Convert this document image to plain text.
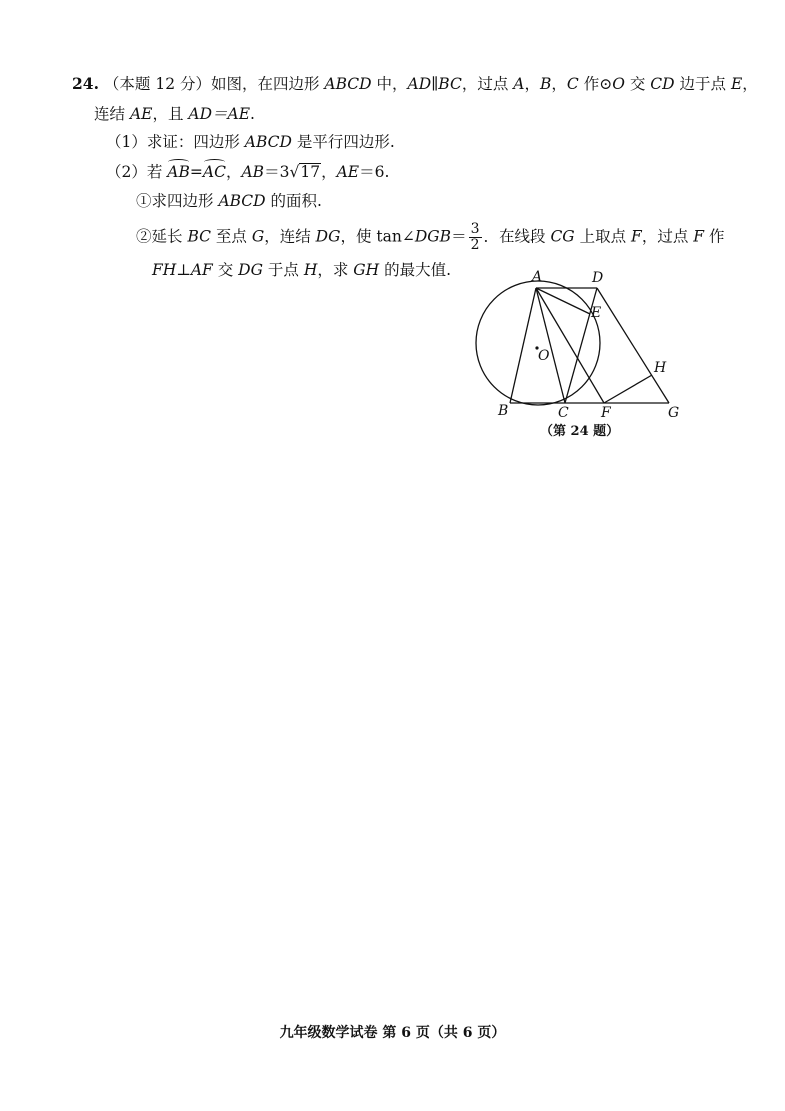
24. （本题 12 分）如图，在四边形 ABCD 中，AD∥BC，过点 A，B，C 作⊙O 交 CD 边于点 E，
连结 AE，且 AD＝AE.
（1）求证：四边形 ABCD 是平行四边形.
（2）若 AB=AC，AB＝3√17，AE＝6.
①求四边形 ABCD 的面积.
②延长 BC 至点 G，连结 DG，使 tan∠DGB＝ $\frac{3}{2}$ ．在线段 CG 上取点 F，过点 F 作
FH⊥AF 交 DG 于点 H，求 GH 的最大值.	A	D
E
O
H
B	C F	G
（第 24 题）
九年级数学试卷 第 6 页（共 6 页）
